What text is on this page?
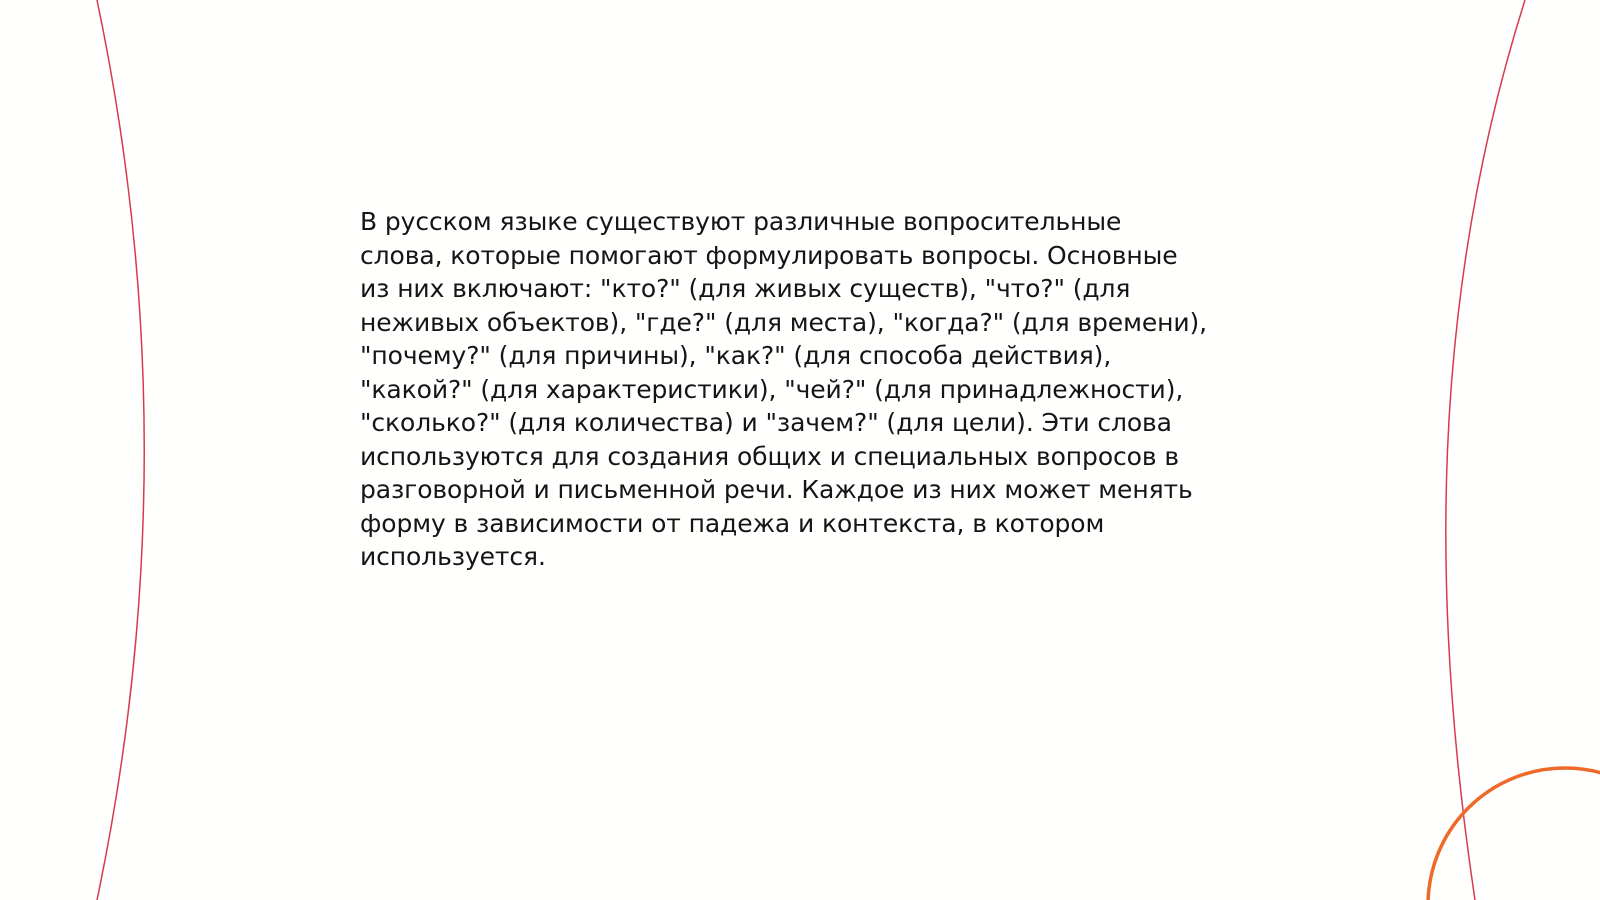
В русском языке существуют различные вопросительные
слова, которые помогают формулировать вопросы. Основные
из них включают: "кто?" (для живых существ), "что?" (для
неживых объектов), "где?" (для места), "когда?" (для времени),
"почему?" (для причины), "как?" (для способа действия),
"какой?" (для характеристики), "чей?" (для принадлежности),
"сколько?" (для количества) и "зачем?" (для цели). Эти слова
используются для создания общих и специальных вопросов в
разговорной и письменной речи. Каждое из них может менять
форму в зависимости от падежа и контекста, в котором
используется.
